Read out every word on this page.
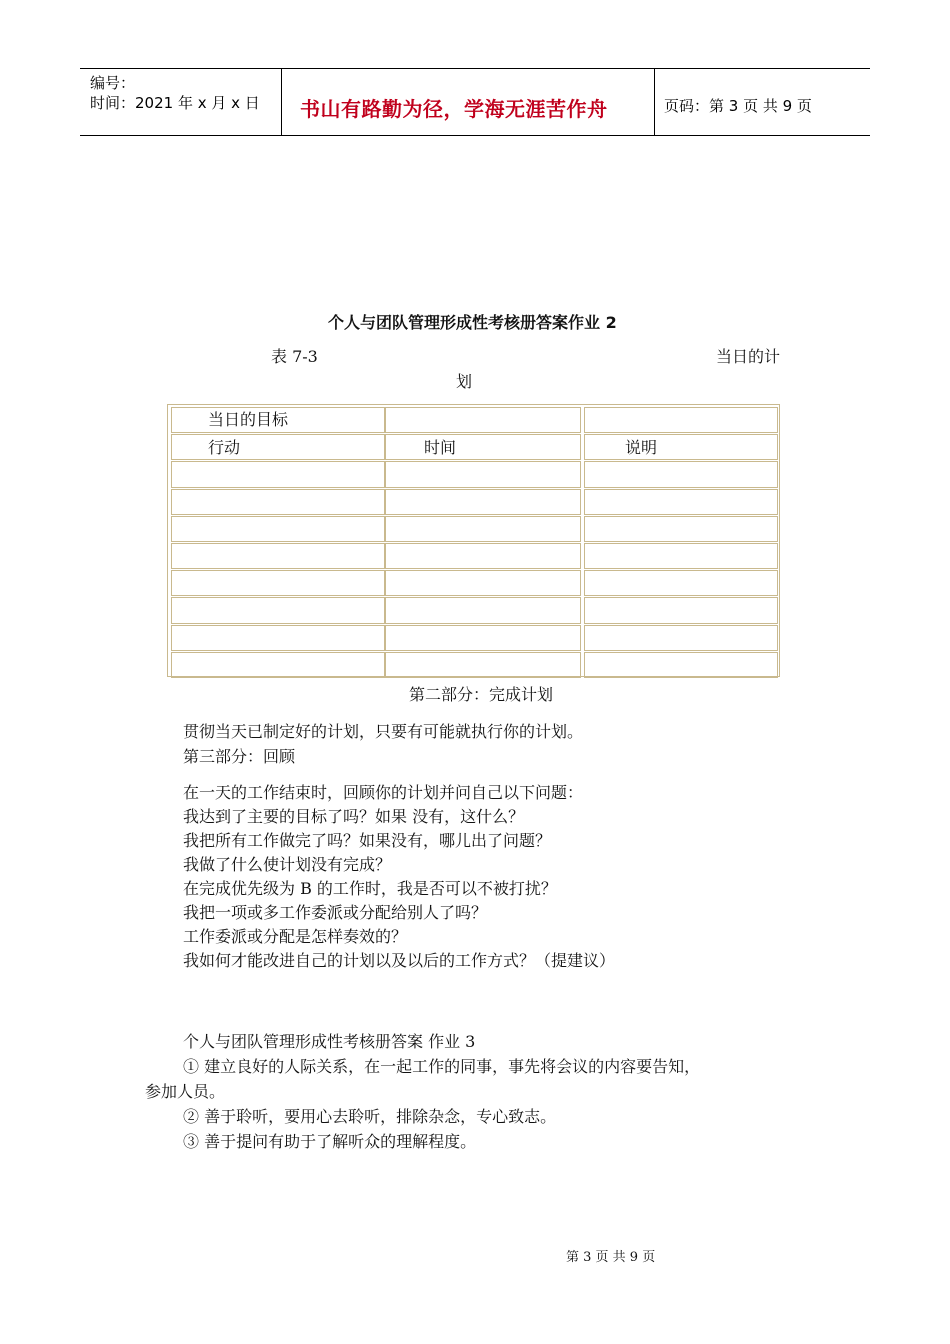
编号：
时间：2021 年 x 月 x 日 书山有路勤为径，学海无涯苦作舟	页码：第 3 页 共 9 页
个人与团队管理形成性考核册答案作业 2
表 7-3	当日的计
划
当日的目标
行动	时间	说明
第二部分：完成计划
贯彻当天已制定好的计划，只要有可能就执行你的计划。
第三部分：回顾
在一天的工作结束时，回顾你的计划并问自己以下问题：
我达到了主要的目标了吗？如果 没有，这什么？
我把所有工作做完了吗？如果没有，哪儿出了问题？
我做了什么使计划没有完成？
在完成优先级为 B 的工作时，我是否可以不被打扰？
我把一项或多工作委派或分配给别人了吗？
工作委派或分配是怎样奏效的？
我如何才能改进自己的计划以及以后的工作方式？（提建议）
个人与团队管理形成性考核册答案 作业 3
① 建立良好的人际关系，在一起工作的同事，事先将会议的内容要告知，
参加人员。
② 善于聆听，要用心去聆听，排除杂念，专心致志。
③ 善于提问有助于了解听众的理解程度。
第 3 页 共 9 页
